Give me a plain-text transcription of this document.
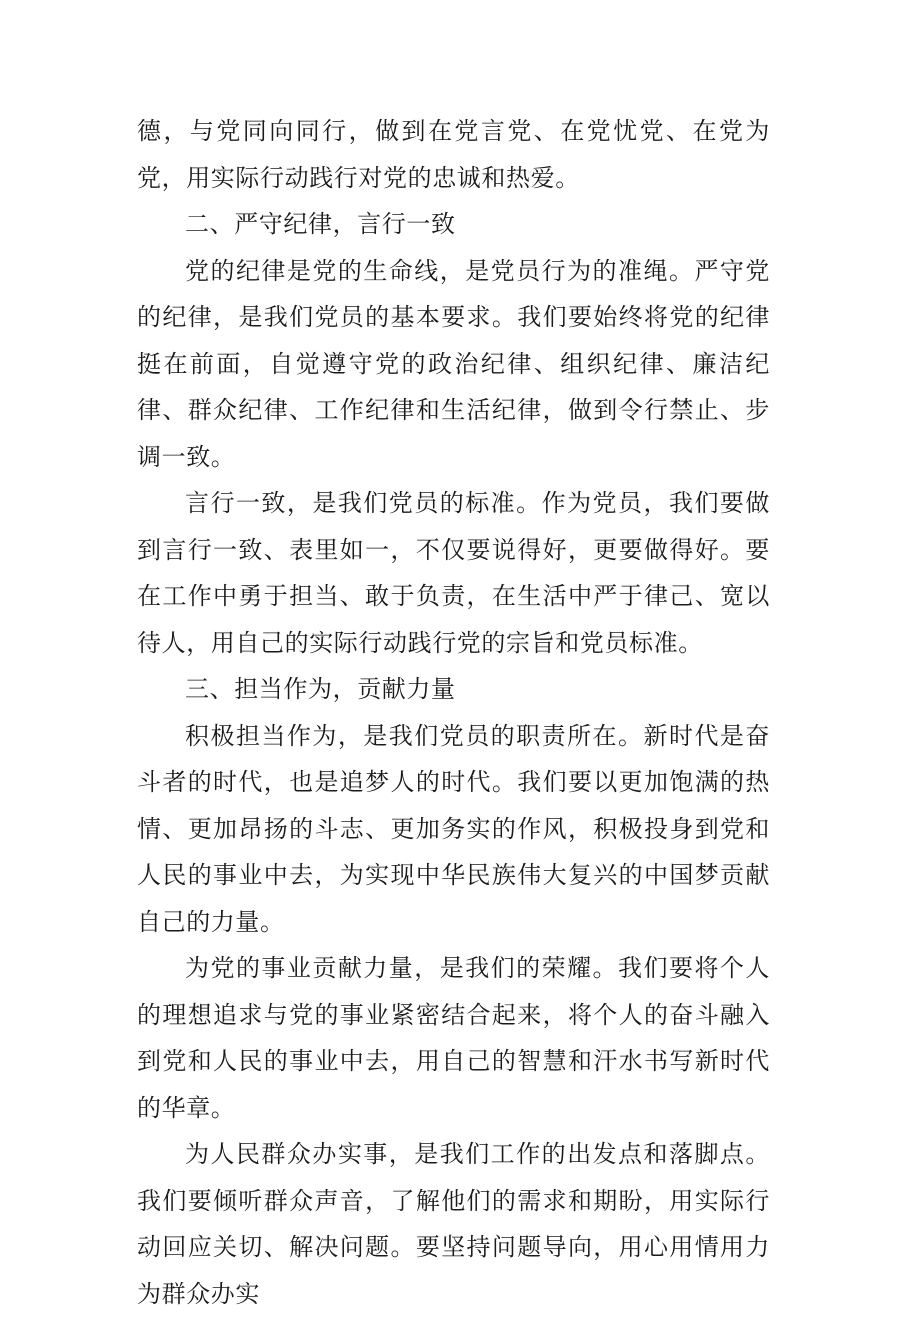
德，与党同向同行，做到在党言党、在党忧党、在党为党，用实际行动践行对党的忠诚和热爱。

二、严守纪律，言行一致

党的纪律是党的生命线，是党员行为的准绳。严守党的纪律，是我们党员的基本要求。我们要始终将党的纪律挺在前面，自觉遵守党的政治纪律、组织纪律、廉洁纪律、群众纪律、工作纪律和生活纪律，做到令行禁止、步调一致。

言行一致，是我们党员的标准。作为党员，我们要做到言行一致、表里如一，不仅要说得好，更要做得好。要在工作中勇于担当、敢于负责，在生活中严于律己、宽以待人，用自己的实际行动践行党的宗旨和党员标准。

三、担当作为，贡献力量

积极担当作为，是我们党员的职责所在。新时代是奋斗者的时代，也是追梦人的时代。我们要以更加饱满的热情、更加昂扬的斗志、更加务实的作风，积极投身到党和人民的事业中去，为实现中华民族伟大复兴的中国梦贡献自己的力量。

为党的事业贡献力量，是我们的荣耀。我们要将个人的理想追求与党的事业紧密结合起来，将个人的奋斗融入到党和人民的事业中去，用自己的智慧和汗水书写新时代的华章。

为人民群众办实事，是我们工作的出发点和落脚点。我们要倾听群众声音，了解他们的需求和期盼，用实际行动回应关切、解决问题。要坚持问题导向，用心用情用力为群众办实
